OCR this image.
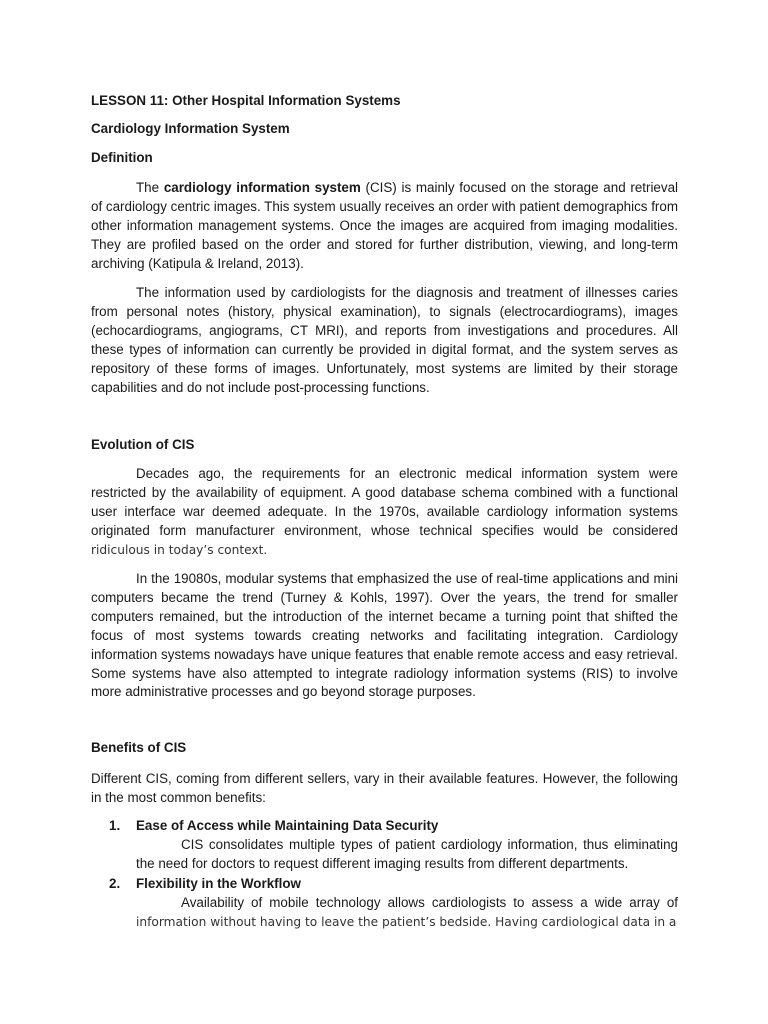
LESSON 11: Other Hospital Information Systems
Cardiology Information System
Definition
The cardiology information system (CIS) is mainly focused on the storage and retrieval of cardiology centric images. This system usually receives an order with patient demographics from other information management systems. Once the images are acquired from imaging modalities. They are profiled based on the order and stored for further distribution, viewing, and long-term archiving (Katipula & Ireland, 2013).
The information used by cardiologists for the diagnosis and treatment of illnesses caries from personal notes (history, physical examination), to signals (electrocardiograms), images (echocardiograms, angiograms, CT MRI), and reports from investigations and procedures. All these types of information can currently be provided in digital format, and the system serves as repository of these forms of images. Unfortunately, most systems are limited by their storage capabilities and do not include post-processing functions.
Evolution of CIS
Decades ago, the requirements for an electronic medical information system were restricted by the availability of equipment. A good database schema combined with a functional user interface war deemed adequate. In the 1970s, available cardiology information systems originated form manufacturer environment, whose technical specifies would be considered ridiculous in today’s context.
In the 19080s, modular systems that emphasized the use of real-time applications and mini computers became the trend (Turney & Kohls, 1997). Over the years, the trend for smaller computers remained, but the introduction of the internet became a turning point that shifted the focus of most systems towards creating networks and facilitating integration. Cardiology information systems nowadays have unique features that enable remote access and easy retrieval. Some systems have also attempted to integrate radiology information systems (RIS) to involve more administrative processes and go beyond storage purposes.
Benefits of CIS
Different CIS, coming from different sellers, vary in their available features. However, the following in the most common benefits:
1. Ease of Access while Maintaining Data Security
CIS consolidates multiple types of patient cardiology information, thus eliminating the need for doctors to request different imaging results from different departments.
2. Flexibility in the Workflow
Availability of mobile technology allows cardiologists to assess a wide array of information without having to leave the patient’s bedside. Having cardiological data in a
